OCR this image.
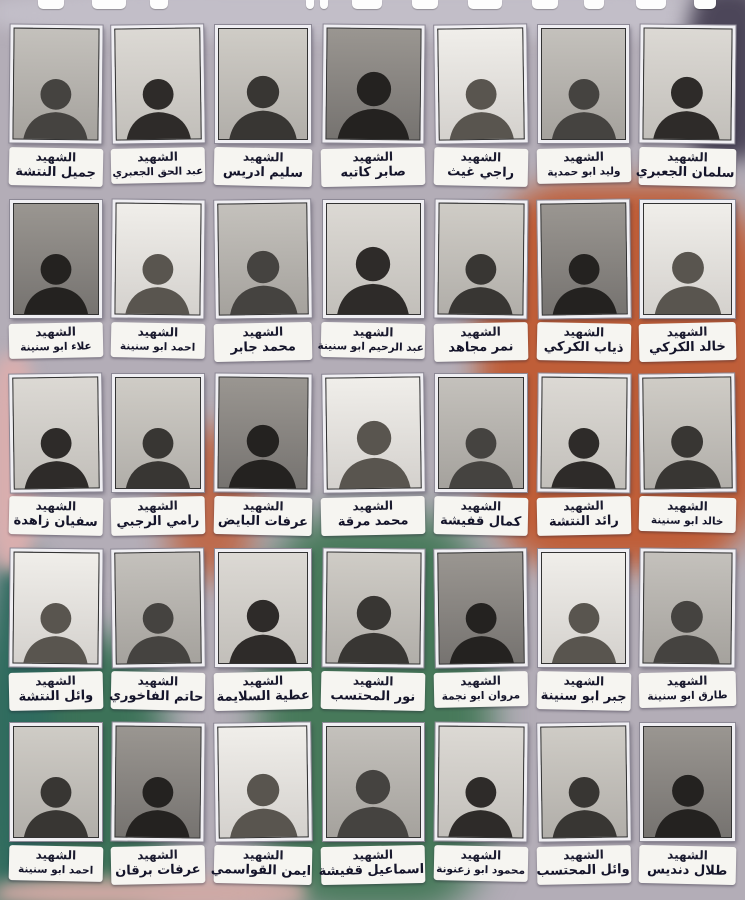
الشهيد
سلمان الجعبري
الشهيد
وليد ابو حمدية
الشهيد
راجي غيث
الشهيد
صابر كاتبه
الشهيد
سليم ادريس
الشهيد
عبد الحق الجعبري
الشهيد
جميل النتشة
الشهيد
خالد الكركي
الشهيد
ذياب الكركي
الشهيد
نمر مجاهد
الشهيد
عبد الرحيم ابو سنينة
الشهيد
محمد جابر
الشهيد
احمد ابو سنينة
الشهيد
علاء ابو سنينة
الشهيد
خالد ابو سنينة
الشهيد
رائد النتشة
الشهيد
كمال قفيشة
الشهيد
محمد مرقة
الشهيد
عرفات البايض
الشهيد
رامي الرجبي
الشهيد
سفيان زاهدة
الشهيد
طارق ابو سنينة
الشهيد
جبر ابو سنينة
الشهيد
مروان ابو نجمة
الشهيد
نور المحتسب
الشهيد
عطية السلايمة
الشهيد
حاتم الفاخوري
الشهيد
وائل النتشة
الشهيد
طلال دنديس
الشهيد
وائل المحتسب
الشهيد
محمود ابو زعنونة
الشهيد
اسماعيل قفيشة
الشهيد
ايمن القواسمي
الشهيد
عرفات برقان
الشهيد
احمد ابو سنينة
